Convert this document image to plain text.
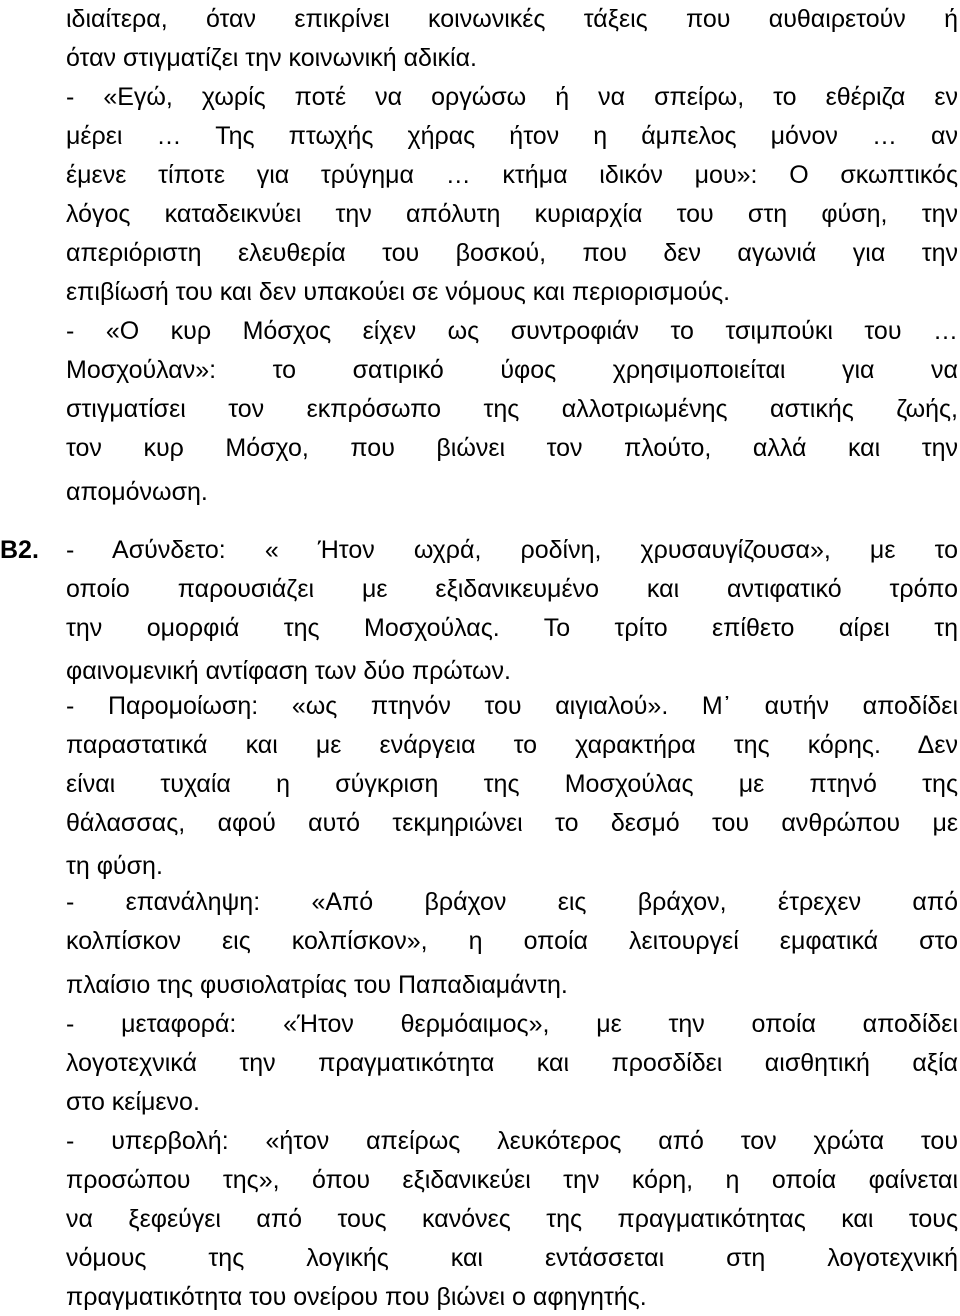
ιδιαίτερα, όταν επικρίνει κοινωνικές τάξεις που αυθαιρετούν ή
όταν στιγματίζει την κοινωνική αδικία.
- «Εγώ, χωρίς ποτέ να οργώσω ή να σπείρω, το εθέριζα εν
μέρει … Της πτωχής χήρας ήτον η άμπελος μόνον … αν
έμενε τίποτε για τρύγημα … κτήμα ιδικόν μου»: Ο σκωπτικός
λόγος καταδεικνύει την απόλυτη κυριαρχία του στη φύση, την
απεριόριστη ελευθερία του βοσκού, που δεν αγωνιά για την
επιβίωσή του και δεν υπακούει σε νόμους και περιορισμούς.
- «Ο κυρ Μόσχος είχεν ως συντροφιάν το τσιμπούκι του …
Μοσχούλαν»: το σατιρικό ύφος χρησιμοποιείται για να
στιγματίσει τον εκπρόσωπο της αλλοτριωμένης αστικής ζωής,
τον κυρ Μόσχο, που βιώνει τον πλούτο, αλλά και την
απομόνωση.
Β2. - Ασύνδετο: « Ήτον ωχρά, ροδίνη, χρυσαυγίζουσα», με το
οποίο παρουσιάζει με εξιδανικευμένο και αντιφατικό τρόπο
την ομορφιά της Μοσχούλας. Το τρίτο επίθετο αίρει τη
φαινομενική αντίφαση των δύο πρώτων.
- Παρομοίωση: «ως πτηνόν του αιγιαλού». Μ᾽ αυτήν αποδίδει
παραστατικά και με ενάργεια το χαρακτήρα της κόρης. Δεν
είναι τυχαία η σύγκριση της Μοσχούλας με πτηνό της
θάλασσας, αφού αυτό τεκμηριώνει το δεσμό του ανθρώπου με
τη φύση.
- επανάληψη: «Από βράχον εις βράχον, έτρεχεν από
κολπίσκον εις κολπίσκον», η οποία λειτουργεί εμφατικά στο
πλαίσιο της φυσιολατρίας του Παπαδιαμάντη.
- μεταφορά: «Ήτον θερμόαιμος», με την οποία αποδίδει
λογοτεχνικά την πραγματικότητα και προσδίδει αισθητική αξία
στο κείμενο.
- υπερβολή: «ήτον απείρως λευκότερος από τον χρώτα του
προσώπου της», όπου εξιδανικεύει την κόρη, η οποία φαίνεται
να ξεφεύγει από τους κανόνες της πραγματικότητας και τους
νόμους της λογικής και εντάσσεται στη λογοτεχνική
πραγματικότητα του ονείρου που βιώνει ο αφηγητής.
